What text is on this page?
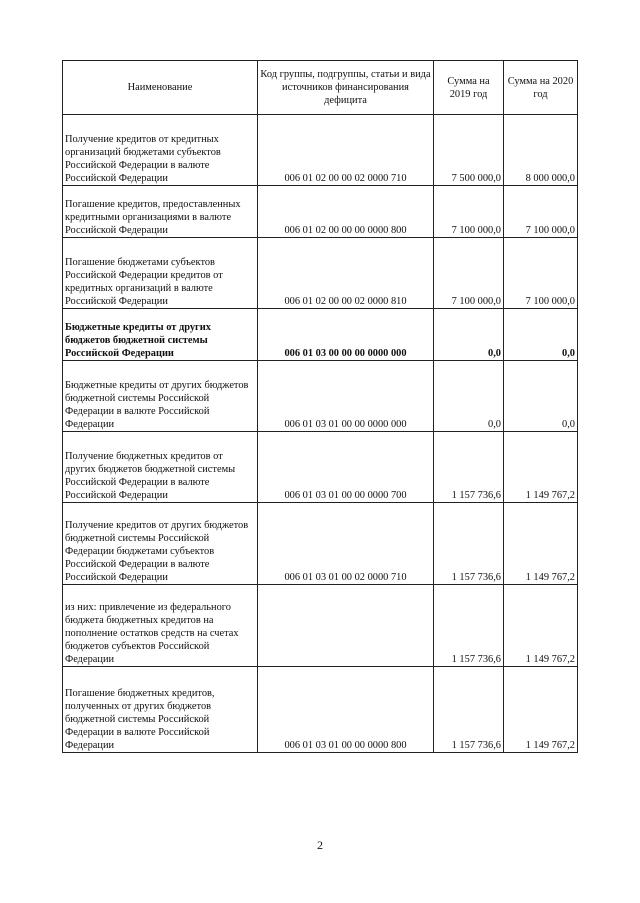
Наименование	Код группы, подгруппы, статьи и вида источников финансирования дефицита	Сумма на 2019 год	Сумма на 2020 год
Получение кредитов от кредитных организаций бюджетами субъектов Российской Федерации в валюте Российской Федерации	006 01 02 00 00 02 0000 710	7 500 000,0	8 000 000,0
Погашение кредитов, предоставленных кредитными организациями в валюте Российской Федерации	006 01 02 00 00 00 0000 800	7 100 000,0	7 100 000,0
Погашение бюджетами субъектов Российской Федерации кредитов от кредитных организаций в валюте Российской Федерации	006 01 02 00 00 02 0000 810	7 100 000,0	7 100 000,0
Бюджетные кредиты от других бюджетов бюджетной системы Российской Федерации	006 01 03 00 00 00 0000 000	0,0	0,0
Бюджетные кредиты от других бюджетов бюджетной системы Российской Федерации в валюте Российской Федерации	006 01 03 01 00 00 0000 000	0,0	0,0
Получение бюджетных кредитов от других бюджетов бюджетной системы Российской Федерации в валюте Российской Федерации	006 01 03 01 00 00 0000 700	1 157 736,6	1 149 767,2
Получение кредитов от других бюджетов бюджетной системы Российской Федерации бюджетами субъектов Российской Федерации в валюте Российской Федерации	006 01 03 01 00 02 0000 710	1 157 736,6	1 149 767,2
из них: привлечение из федерального бюджета бюджетных кредитов на пополнение остатков средств на счетах бюджетов субъектов Российской Федерации		1 157 736,6	1 149 767,2
Погашение бюджетных кредитов, полученных от других бюджетов бюджетной системы Российской Федерации в валюте Российской Федерации	006 01 03 01 00 00 0000 800	1 157 736,6	1 149 767,2
2
